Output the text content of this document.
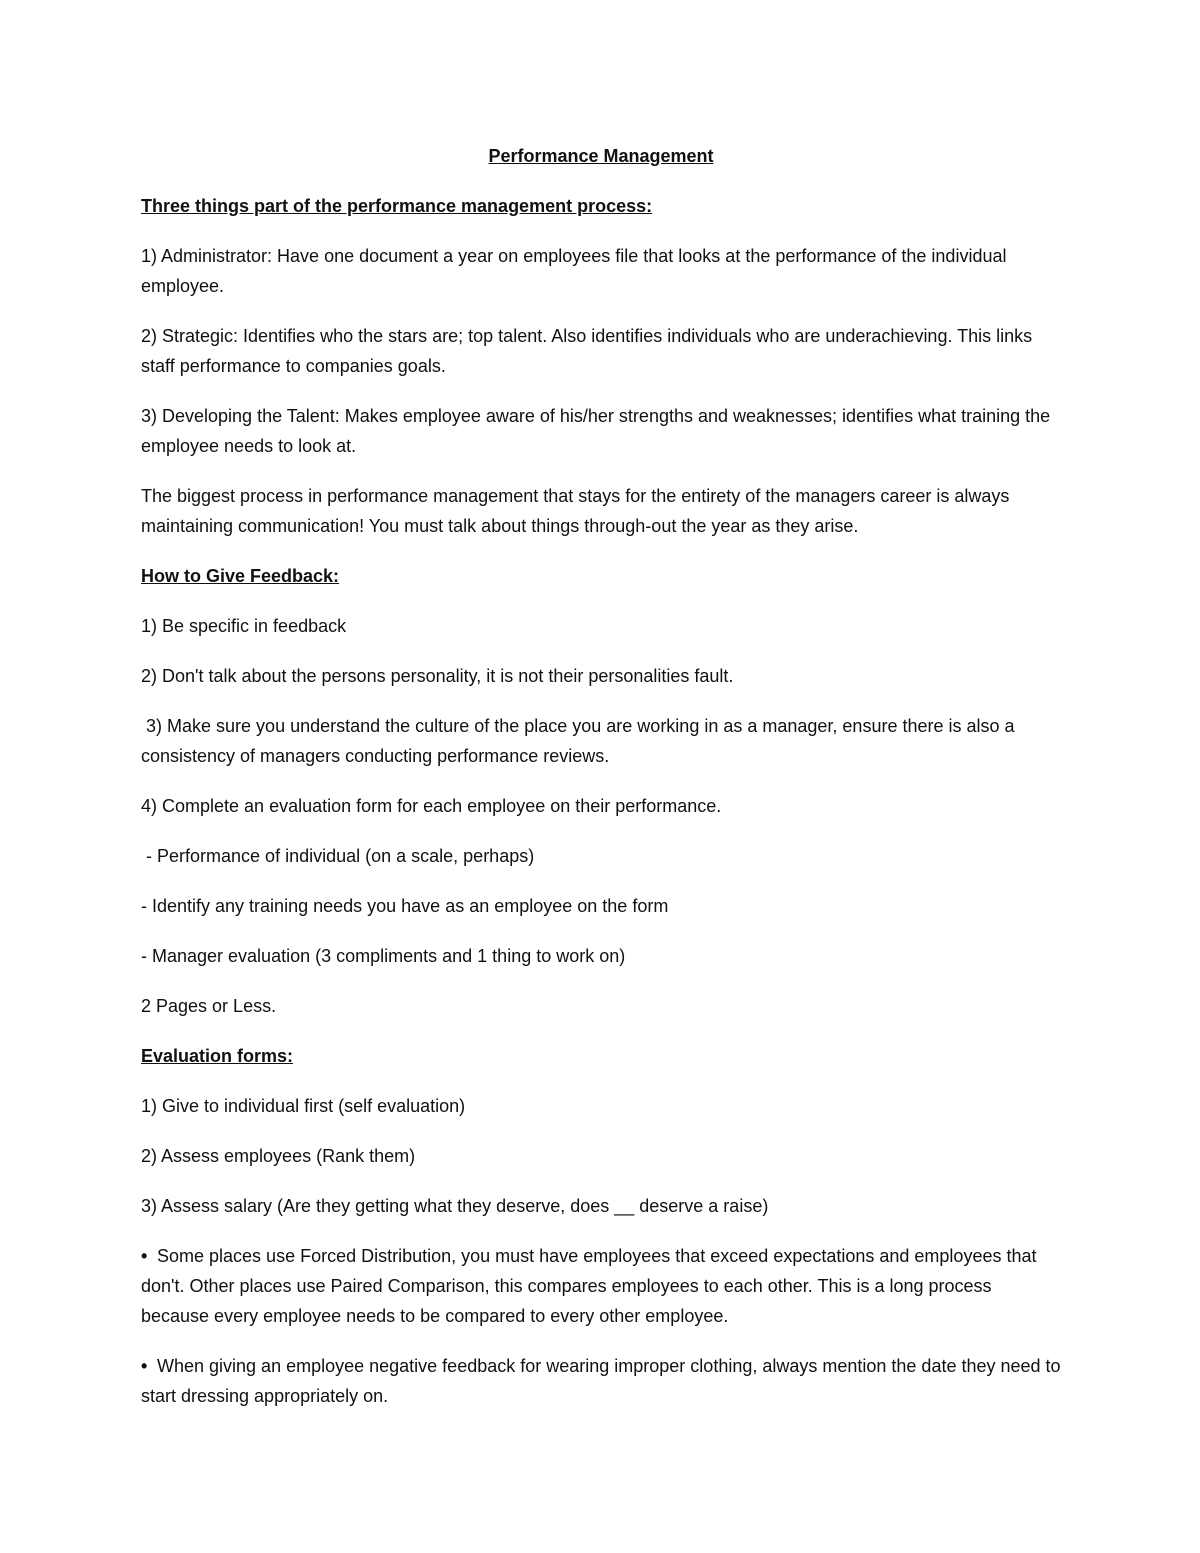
Performance Management
Three things part of the performance management process:
1) Administrator: Have one document a year on employees file that looks at the performance of the individual employee.
2) Strategic: Identifies who the stars are; top talent. Also identifies individuals who are underachieving. This links staff performance to companies goals.
3) Developing the Talent: Makes employee aware of his/her strengths and weaknesses; identifies what training the employee needs to look at.
The biggest process in performance management that stays for the entirety of the managers career is always maintaining communication! You must talk about things through-out the year as they arise.
How to Give Feedback:
1) Be specific in feedback
2) Don't talk about the persons personality, it is not their personalities fault.
3) Make sure you understand the culture of the place you are working in as a manager, ensure there is also a consistency of managers conducting performance reviews.
4) Complete an evaluation form for each employee on their performance.
- Performance of individual (on a scale, perhaps)
- Identify any training needs you have as an employee on the form
- Manager evaluation (3 compliments and 1 thing to work on)
2 Pages or Less.
Evaluation forms:
1) Give to individual first (self evaluation)
2) Assess employees (Rank them)
3) Assess salary (Are they getting what they deserve, does __ deserve a raise)
• Some places use Forced Distribution, you must have employees that exceed expectations and employees that don't. Other places use Paired Comparison, this compares employees to each other. This is a long process because every employee needs to be compared to every other employee.
• When giving an employee negative feedback for wearing improper clothing, always mention the date they need to start dressing appropriately on.
